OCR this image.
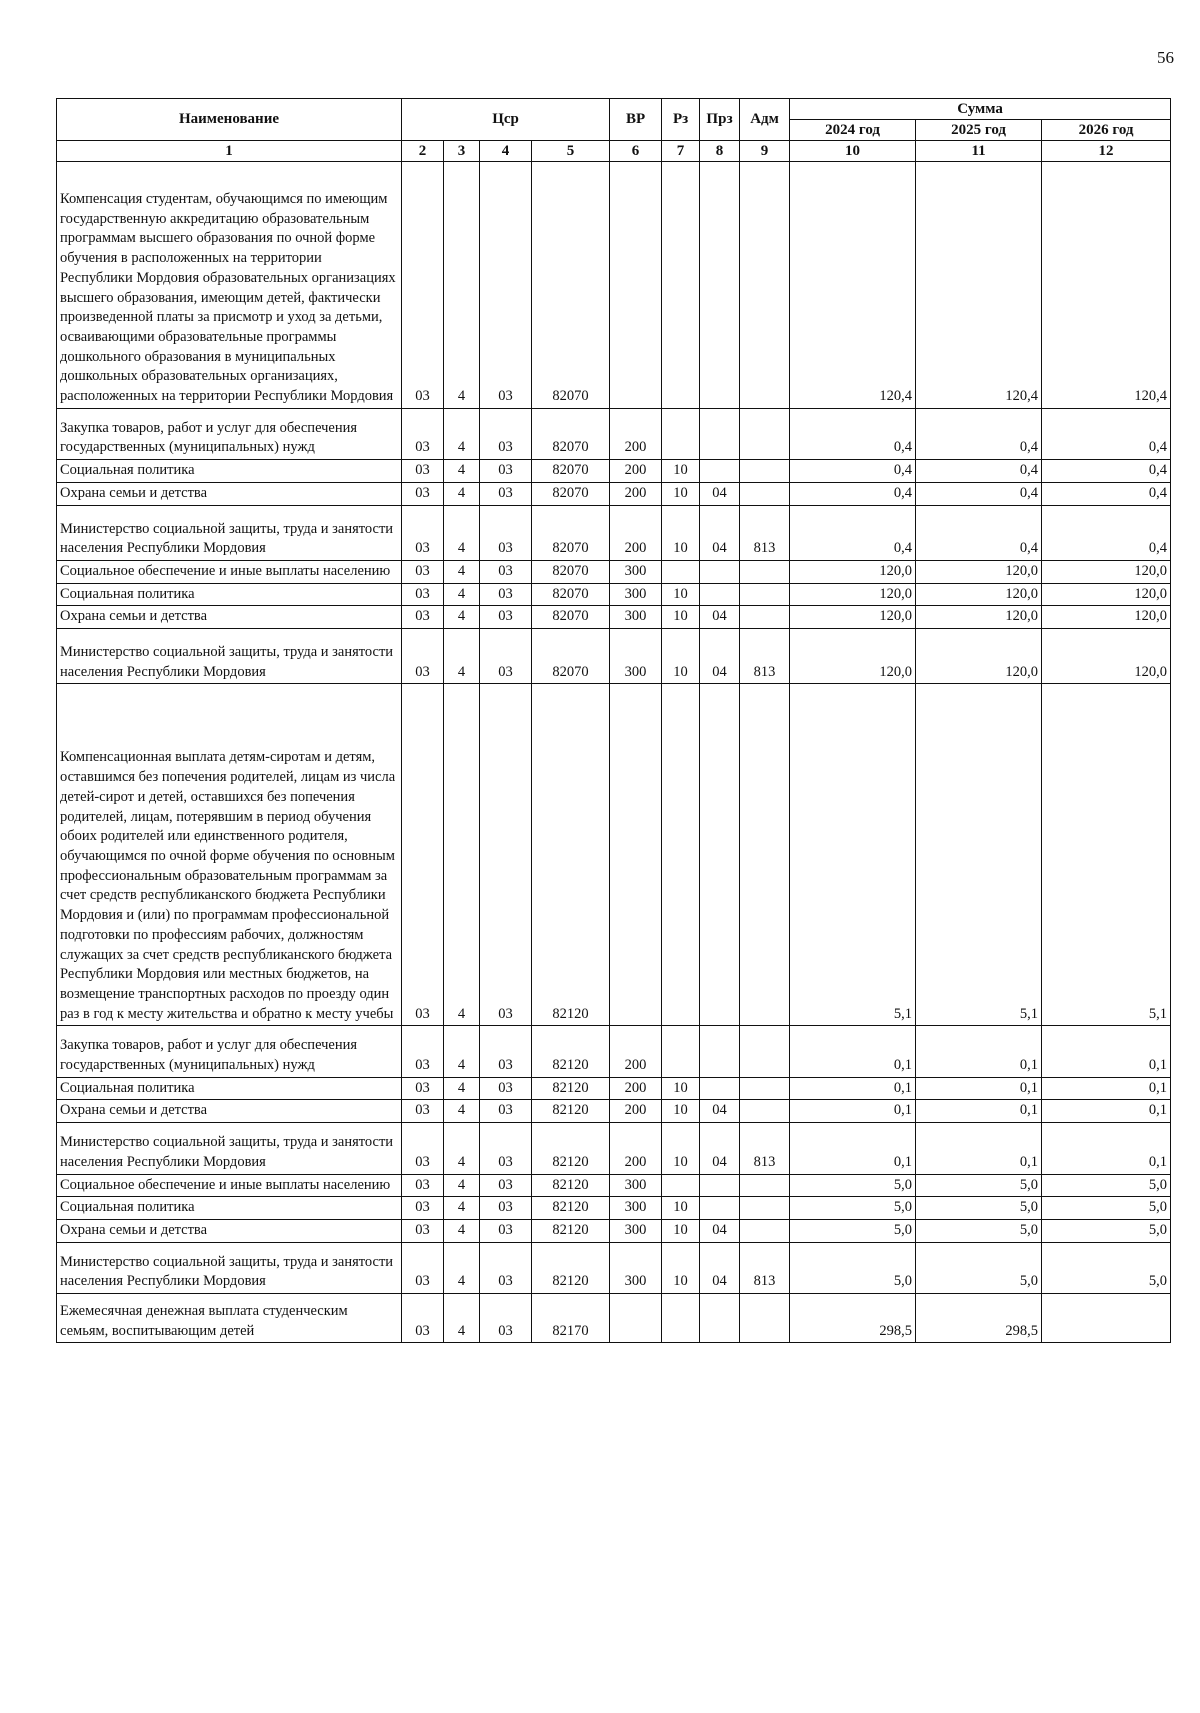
56
Наименование	Цср				ВР	Рз	Прз	Адм	Сумма		
									2024 год	2025 год	2026 год
1	2	3	4	5	6	7	8	9	10	11	12
Компенсация студентам, обучающимся по имеющим государственную аккредитацию образовательным программам высшего образования по очной форме обучения в расположенных на территории Республики Мордовия образовательных организациях высшего образования, имеющим детей, фактически произведенной платы за присмотр и уход за детьми, осваивающими образовательные программы дошкольного образования в муниципальных дошкольных образовательных организациях, расположенных на территории Республики Мордовия	03	4	03	82070					120,4	120,4	120,4
Закупка товаров, работ и услуг для обеспечения государственных (муниципальных) нужд	03	4	03	82070	200				0,4	0,4	0,4
Социальная политика	03	4	03	82070	200	10			0,4	0,4	0,4
Охрана семьи и детства	03	4	03	82070	200	10	04		0,4	0,4	0,4
Министерство социальной защиты, труда и занятости населения Республики Мордовия	03	4	03	82070	200	10	04	813	0,4	0,4	0,4
Социальное обеспечение и иные выплаты населению	03	4	03	82070	300				120,0	120,0	120,0
Социальная политика	03	4	03	82070	300	10			120,0	120,0	120,0
Охрана семьи и детства	03	4	03	82070	300	10	04		120,0	120,0	120,0
Министерство социальной защиты, труда и занятости населения Республики Мордовия	03	4	03	82070	300	10	04	813	120,0	120,0	120,0
Компенсационная выплата детям-сиротам и детям, оставшимся без попечения родителей, лицам из числа детей-сирот и детей, оставшихся без попечения родителей, лицам, потерявшим в период обучения обоих родителей или единственного родителя, обучающимся по очной форме обучения по основным профессиональным образовательным программам за счет средств республиканского бюджета Республики Мордовия и (или) по программам профессиональной подготовки по профессиям рабочих, должностям служащих за счет средств республиканского бюджета Республики Мордовия или местных бюджетов, на возмещение транспортных расходов по проезду один раз в год к месту жительства и обратно к месту учебы	03	4	03	82120					5,1	5,1	5,1
Закупка товаров, работ и услуг для обеспечения государственных (муниципальных) нужд	03	4	03	82120	200				0,1	0,1	0,1
Социальная политика	03	4	03	82120	200	10			0,1	0,1	0,1
Охрана семьи и детства	03	4	03	82120	200	10	04		0,1	0,1	0,1
Министерство социальной защиты, труда и занятости населения Республики Мордовия	03	4	03	82120	200	10	04	813	0,1	0,1	0,1
Социальное обеспечение и иные выплаты населению	03	4	03	82120	300				5,0	5,0	5,0
Социальная политика	03	4	03	82120	300	10			5,0	5,0	5,0
Охрана семьи и детства	03	4	03	82120	300	10	04		5,0	5,0	5,0
Министерство социальной защиты, труда и занятости населения Республики Мордовия	03	4	03	82120	300	10	04	813	5,0	5,0	5,0
Ежемесячная денежная выплата студенческим семьям, воспитывающим детей	03	4	03	82170					298,5	298,5	
